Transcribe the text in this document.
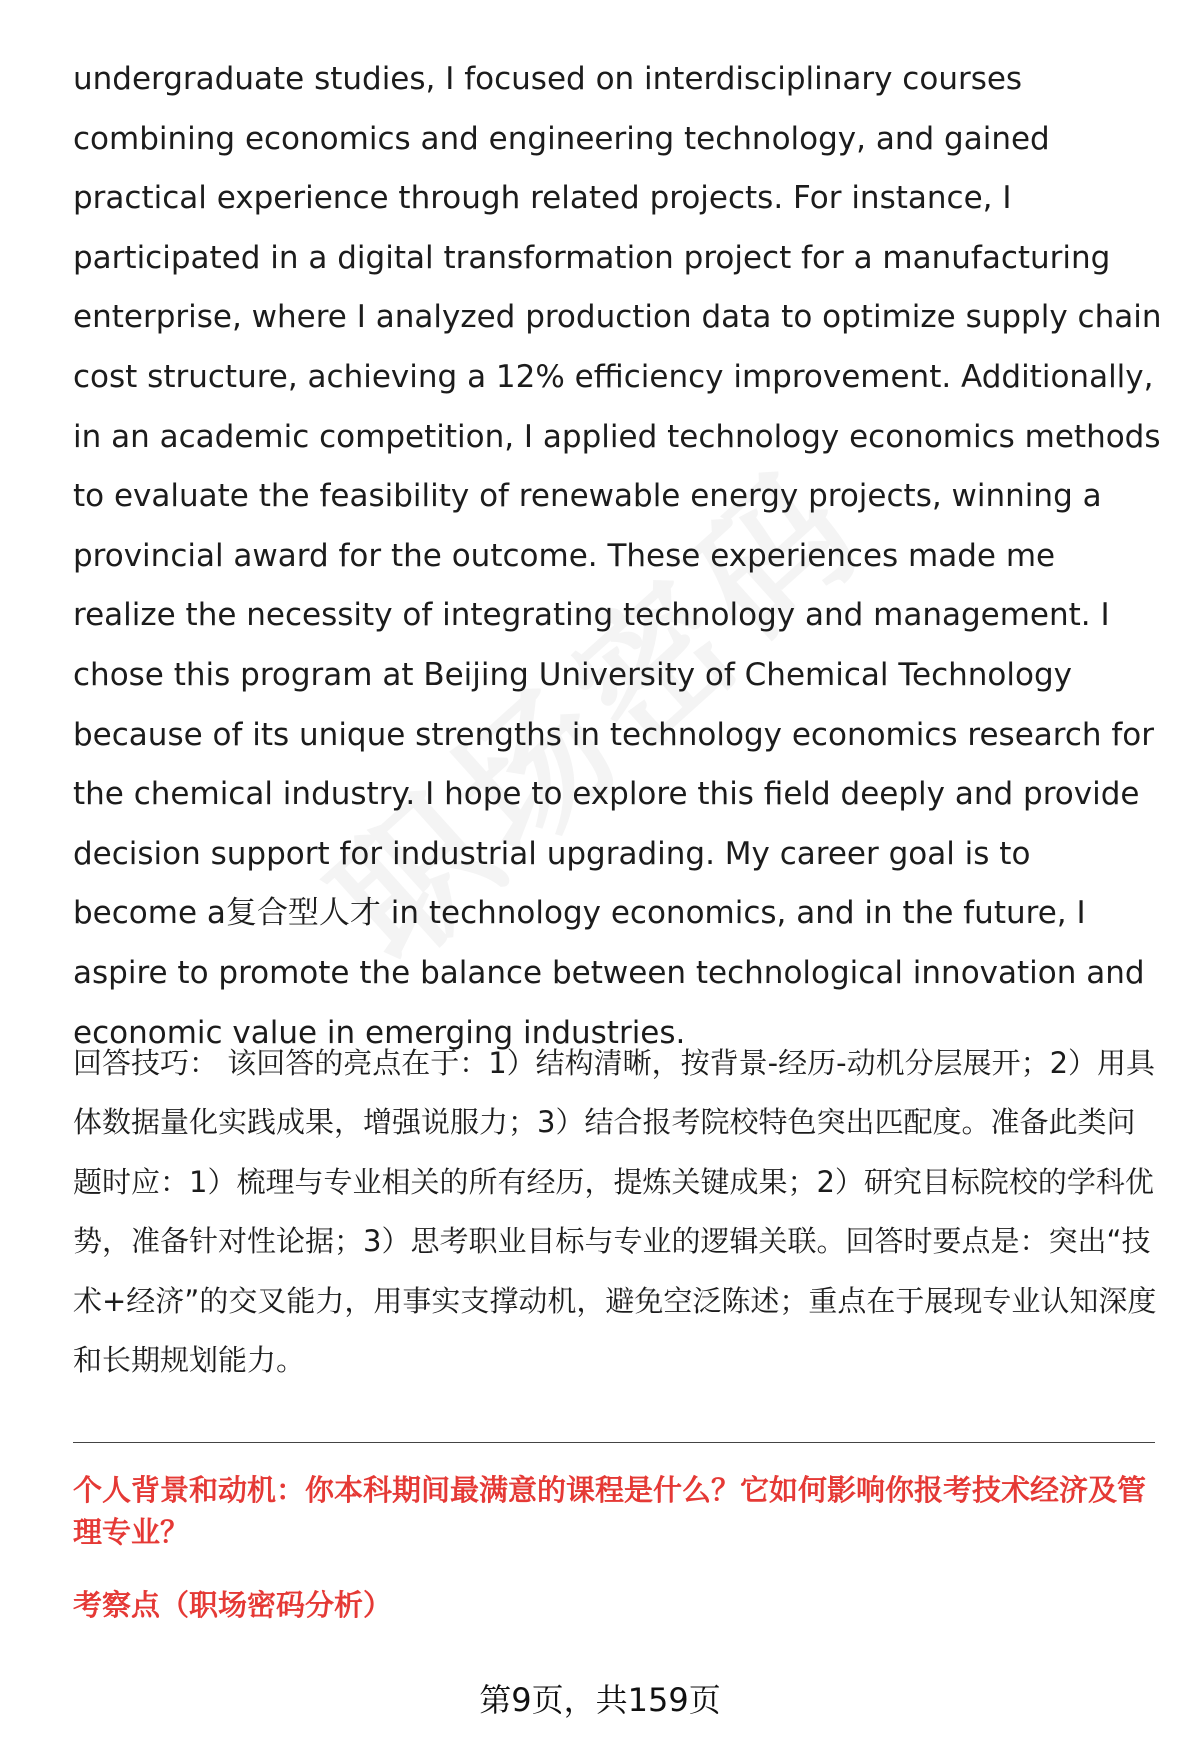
undergraduate studies, I focused on interdisciplinary courses combining economics and engineering technology, and gained practical experience through related projects. For instance, I participated in a digital transformation project for a manufacturing enterprise, where I analyzed production data to optimize supply chain cost structure, achieving a 12% efficiency improvement. Additionally, in an academic competition, I applied technology economics methods to evaluate the feasibility of renewable energy projects, winning a provincial award for the outcome. These experiences made me realize the necessity of integrating technology and management. I chose this program at Beijing University of Chemical Technology because of its unique strengths in technology economics research for the chemical industry. I hope to explore this field deeply and provide decision support for industrial upgrading. My career goal is to become a复合型人才 in technology economics, and in the future, I aspire to promote the balance between technological innovation and economic value in emerging industries.

回答技巧： 该回答的亮点在于：1）结构清晰，按背景-经历-动机分层展开；2）用具体数据量化实践成果，增强说服力；3）结合报考院校特色突出匹配度。准备此类问题时应：1）梳理与专业相关的所有经历，提炼关键成果；2）研究目标院校的学科优势，准备针对性论据；3）思考职业目标与专业的逻辑关联。回答时要点是：突出“技术+经济”的交叉能力，用事实支撑动机，避免空泛陈述；重点在于展现专业认知深度和长期规划能力。

个人背景和动机：你本科期间最满意的课程是什么？它如何影响你报考技术经济及管理专业？

考察点（职场密码分析）

第9页，共159页
